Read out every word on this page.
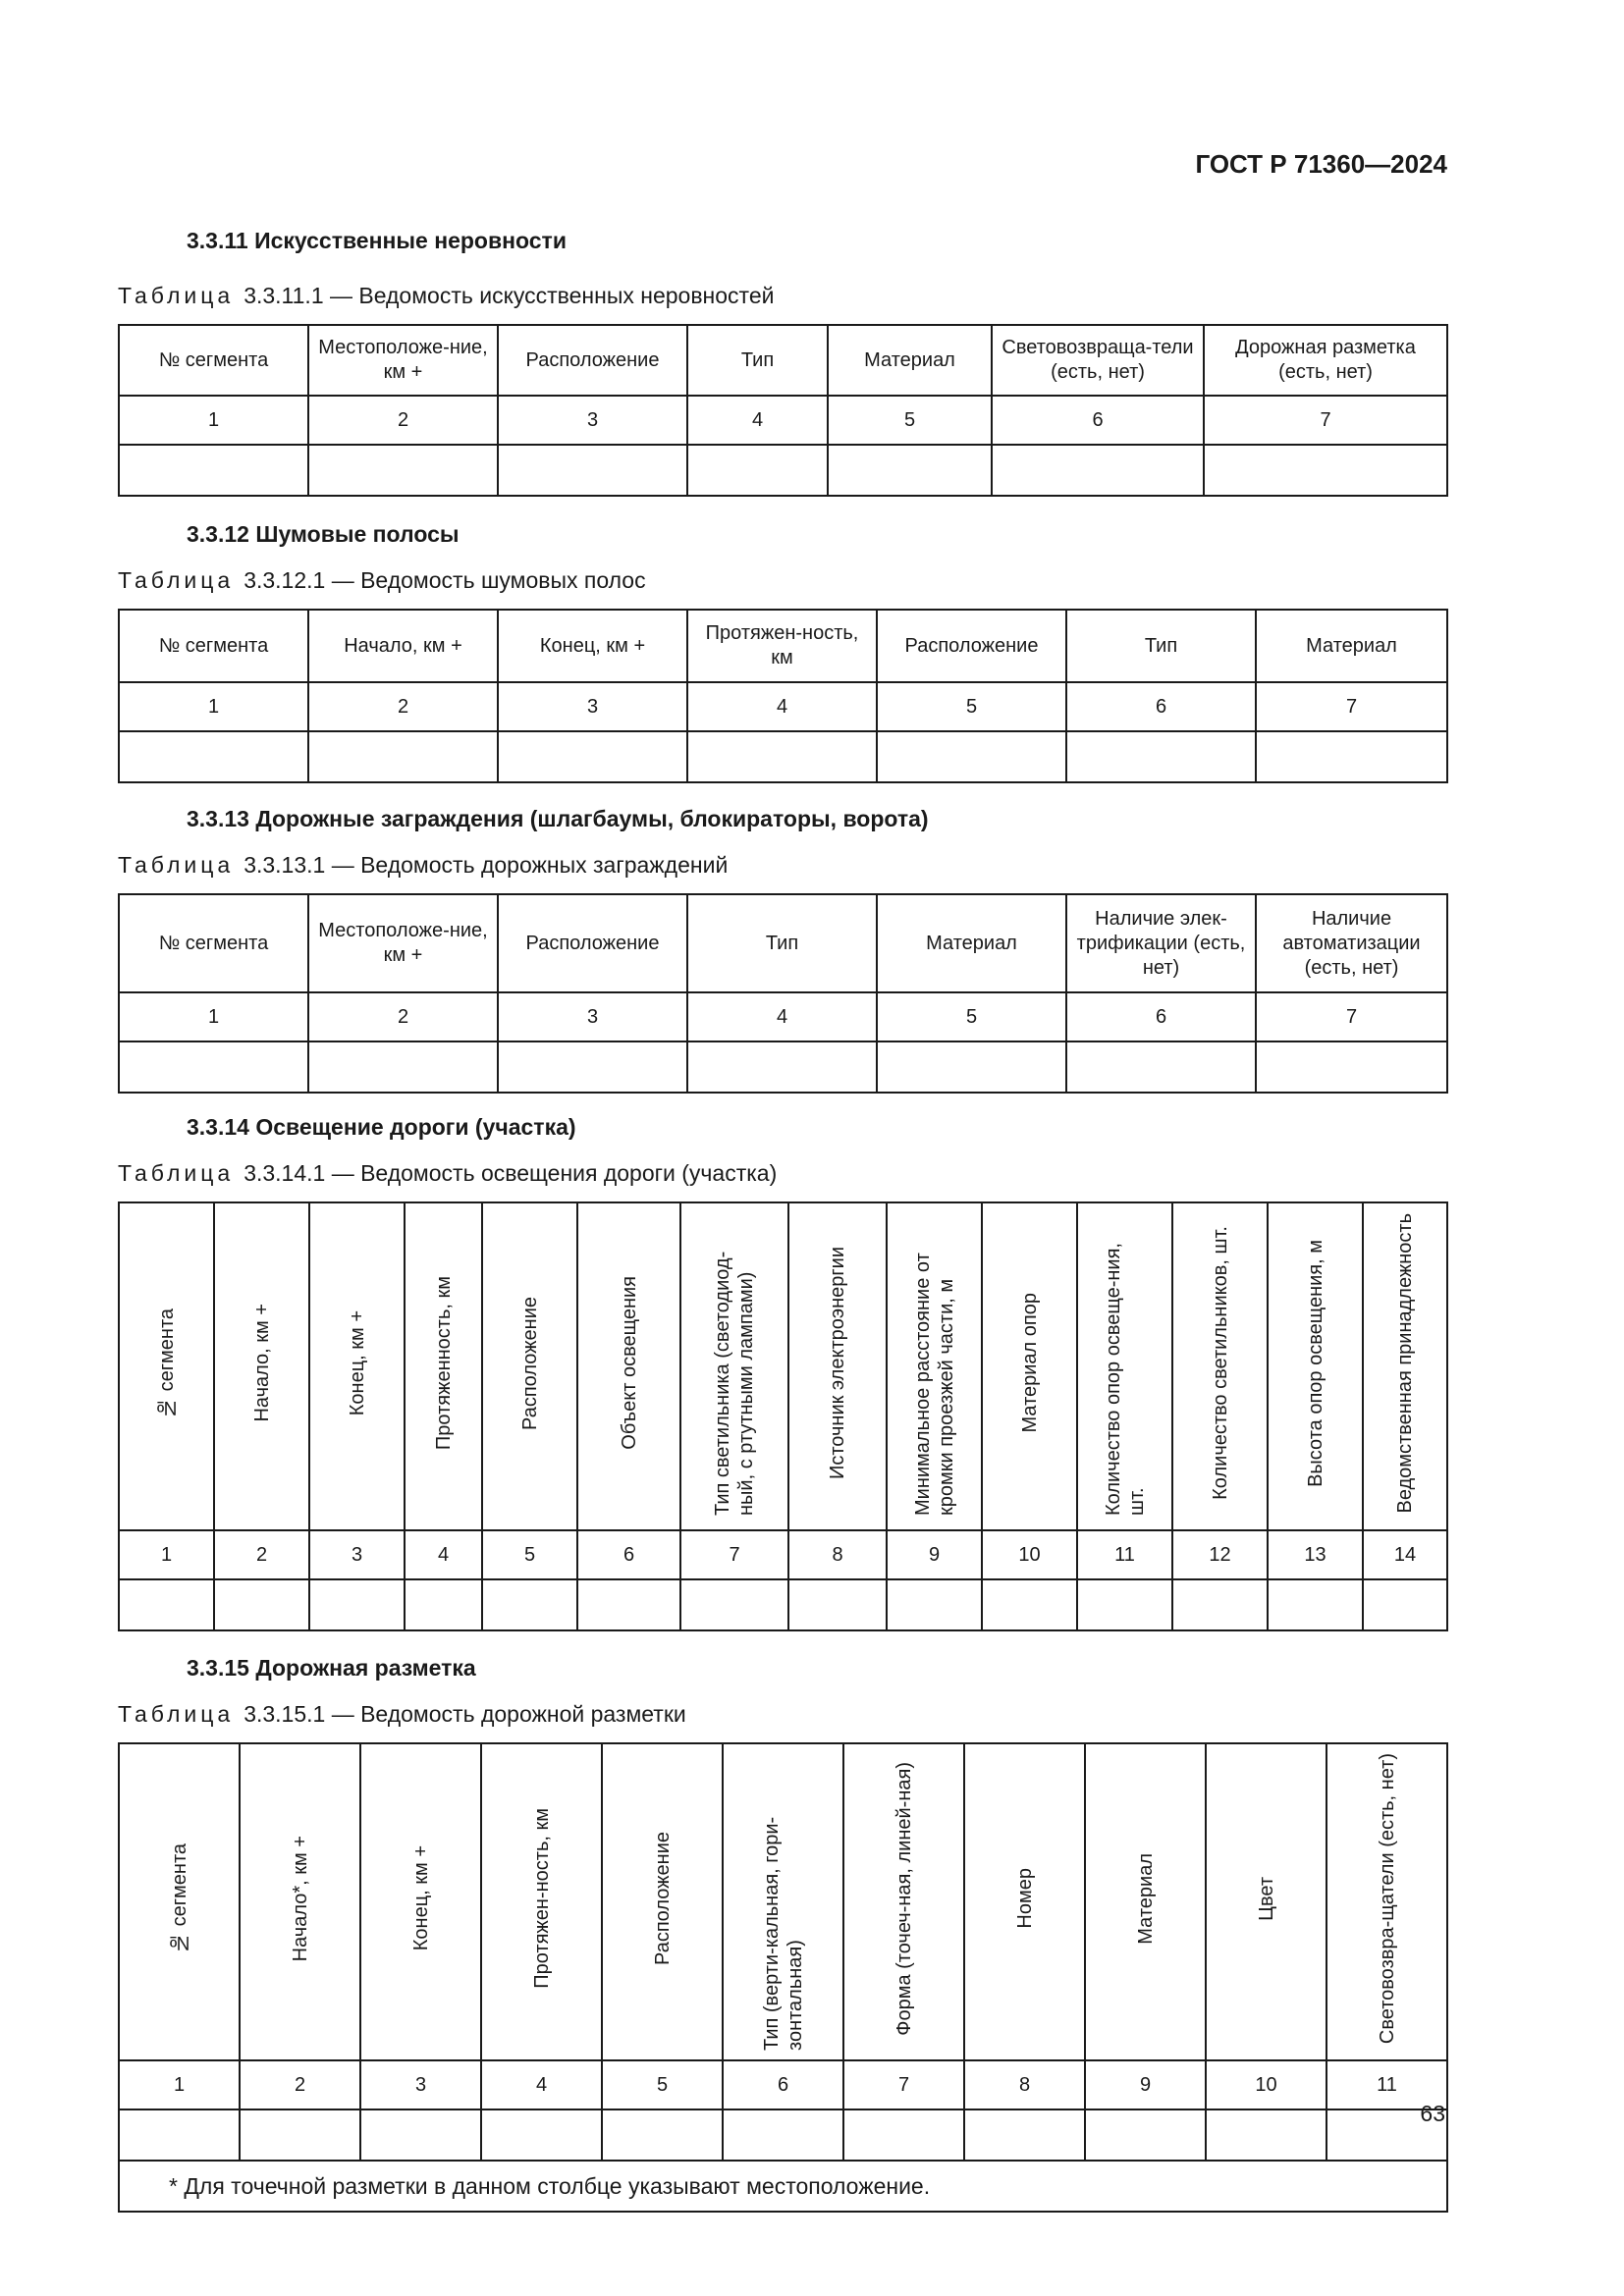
ГОСТ Р 71360—2024
3.3.11 Искусственные неровности
Таблица 3.3.11.1 — Ведомость искусственных неровностей
№ сегмента	Местоположе-ние, км +	Расположение	Тип	Материал	Световозвраща-тели (есть, нет)	Дорожная разметка (есть, нет)
1	2	3	4	5	6	7

3.3.12 Шумовые полосы
Таблица 3.3.12.1 — Ведомость шумовых полос
№ сегмента	Начало, км +	Конец, км +	Протяжен-ность, км	Расположение	Тип	Материал
1	2	3	4	5	6	7

3.3.13 Дорожные заграждения (шлагбаумы, блокираторы, ворота)
Таблица 3.3.13.1 — Ведомость дорожных заграждений
№ сегмента	Местоположе-ние, км +	Расположение	Тип	Материал	Наличие элек-трификации (есть, нет)	Наличие автоматизации (есть, нет)
1	2	3	4	5	6	7

3.3.14 Освещение дороги (участка)
Таблица 3.3.14.1 — Ведомость освещения дороги (участка)
№ сегмента	Начало, км +	Конец, км +	Протяженность, км	Расположение	Объект освещения	Тип светильника (светодиод-ный, с ртутными лампами)	Источник электроэнергии	Минимальное расстояние от кромки проезжей части, м	Материал опор	Количество опор освеще-ния, шт.	Количество светильников, шт.	Высота опор освещения, м	Ведомственная принадлежность
1	2	3	4	5	6	7	8	9	10	11	12	13	14

3.3.15 Дорожная разметка
Таблица 3.3.15.1 — Ведомость дорожной разметки
№ сегмента	Начало*, км +	Конец, км +	Протяжен-ность, км	Расположение	Тип (верти-кальная, гори-зонтальная)	Форма (точеч-ная, линей-ная)	Номер	Материал	Цвет	Световозвра-щатели (есть, нет)
1	2	3	4	5	6	7	8	9	10	11

* Для точечной разметки в данном столбце указывают местоположение.										
63
